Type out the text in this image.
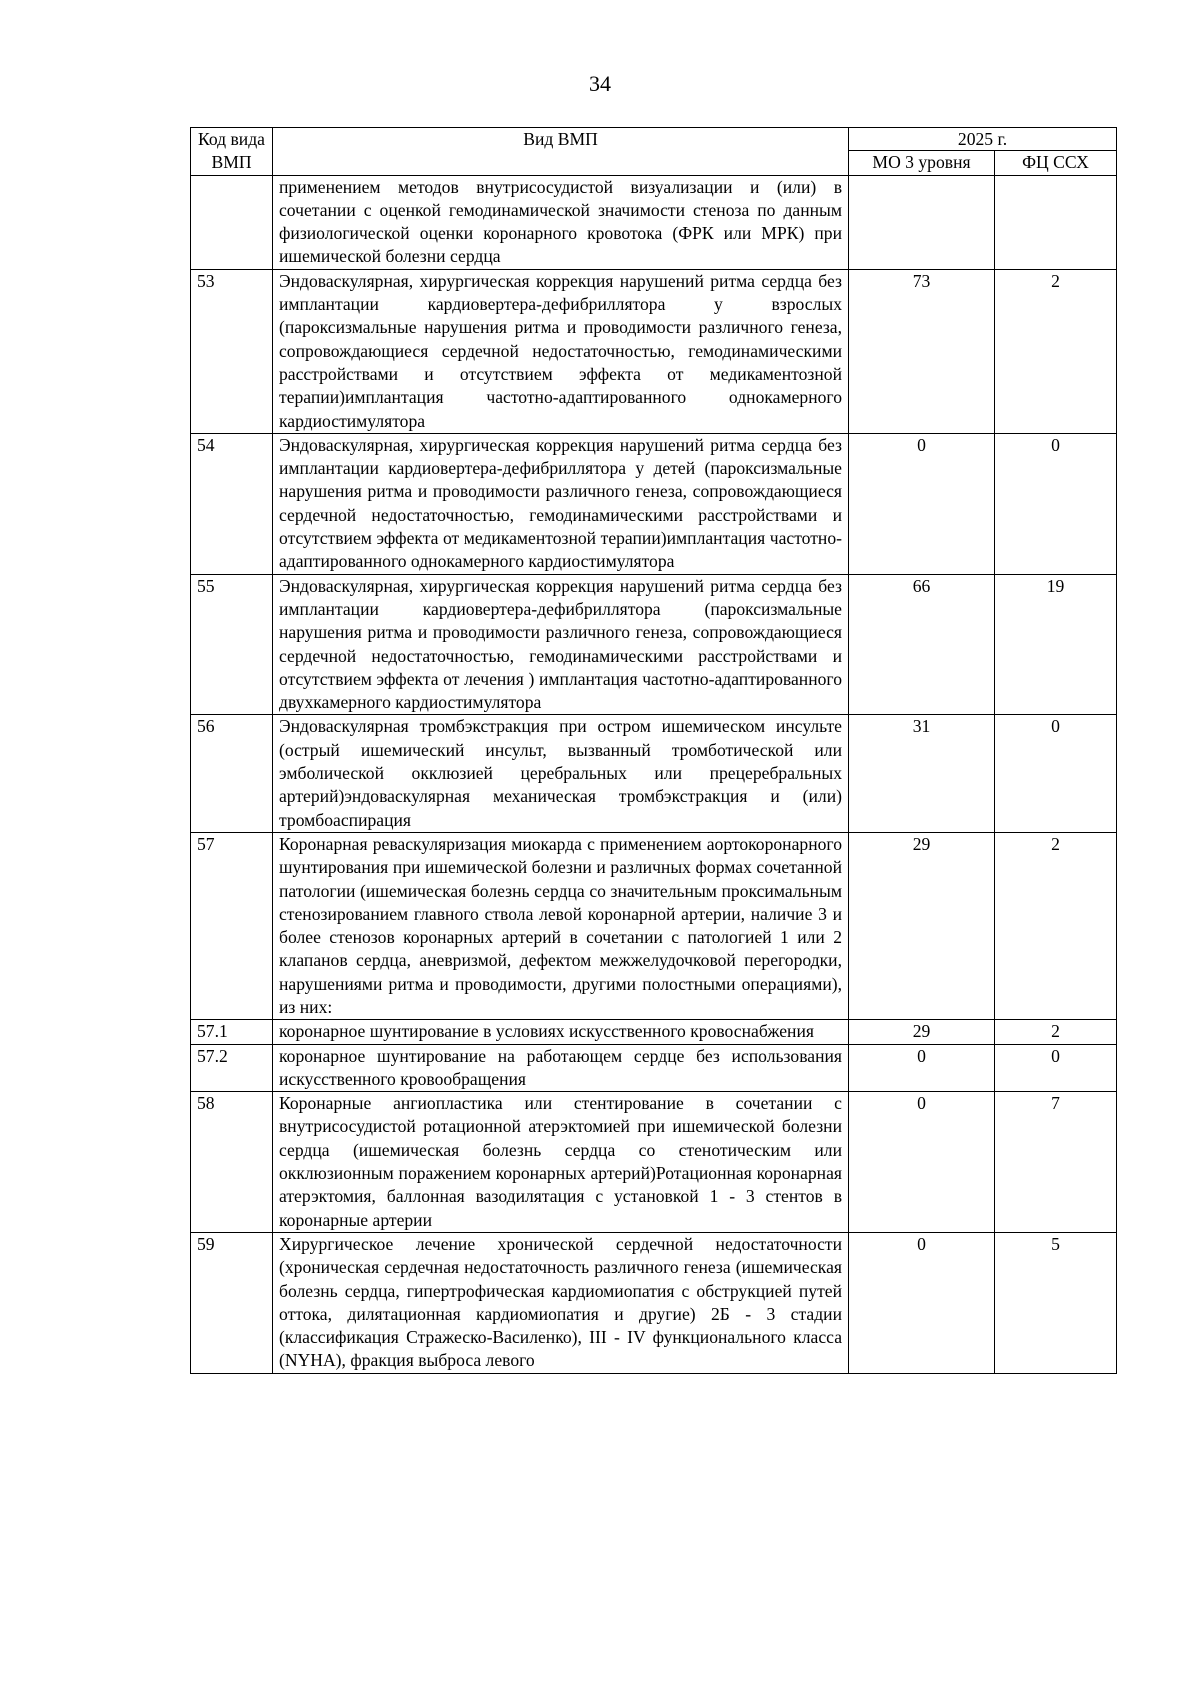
34
Код вида ВМП	Вид ВМП	2025 г.	
		МО 3 уровня	ФЦ ССХ
	применением методов внутрисосудистой визуализации и (или) в сочетании с оценкой гемодинамической значимости стеноза по данным физиологической оценки коронарного кровотока (ФРК или МРК) при ишемической болезни сердца		
53	Эндоваскулярная, хирургическая коррекция нарушений ритма сердца без имплантации кардиовертера-дефибриллятора у взрослых (пароксизмальные нарушения ритма и проводимости различного генеза, сопровождающиеся сердечной недостаточностью, гемодинамическими расстройствами и отсутствием эффекта от медикаментозной терапии)имплантация частотно-адаптированного однокамерного кардиостимулятора	73	2
54	Эндоваскулярная, хирургическая коррекция нарушений ритма сердца без имплантации кардиовертера-дефибриллятора у детей (пароксизмальные нарушения ритма и проводимости различного генеза, сопровождающиеся сердечной недостаточностью, гемодинамическими расстройствами и отсутствием эффекта от медикаментозной терапии)имплантация частотно-адаптированного однокамерного кардиостимулятора	0	0
55	Эндоваскулярная, хирургическая коррекция нарушений ритма сердца без имплантации кардиовертера-дефибриллятора (пароксизмальные нарушения ритма и проводимости различного генеза, сопровождающиеся сердечной недостаточностью, гемодинамическими расстройствами и отсутствием эффекта от лечения ) имплантация частотно-адаптированного двухкамерного кардиостимулятора	66	19
56	Эндоваскулярная тромбэкстракция при остром ишемическом инсульте (острый ишемический инсульт, вызванный тромботической или эмболической окклюзией церебральных или прецеребральных артерий)эндоваскулярная механическая тромбэкстракция и (или) тромбоаспирация	31	0
57	Коронарная реваскуляризация миокарда с применением аортокоронарного шунтирования при ишемической болезни и различных формах сочетанной патологии (ишемическая болезнь сердца со значительным проксимальным стенозированием главного ствола левой коронарной артерии, наличие 3 и более стенозов коронарных артерий в сочетании с патологией 1 или 2 клапанов сердца, аневризмой, дефектом межжелудочковой перегородки, нарушениями ритма и проводимости, другими полостными операциями), из них:	29	2
57.1	коронарное шунтирование в условиях искусственного кровоснабжения	29	2
57.2	коронарное шунтирование на работающем сердце без использования искусственного кровообращения	0	0
58	Коронарные ангиопластика или стентирование в сочетании с внутрисосудистой ротационной атерэктомией при ишемической болезни сердца (ишемическая болезнь сердца со стенотическим или окклюзионным поражением коронарных артерий)Ротационная коронарная атерэктомия, баллонная вазодилятация с установкой 1 - 3 стентов в коронарные артерии	0	7
59	Хирургическое лечение хронической сердечной недостаточности (хроническая сердечная недостаточность различного генеза (ишемическая болезнь сердца, гипертрофическая кардиомиопатия с обструкцией путей оттока, дилятационная кардиомиопатия и другие) 2Б - 3 стадии (классификация Стражеско-Василенко), III - IV функционального класса (NYHA), фракция выброса левого	0	5
